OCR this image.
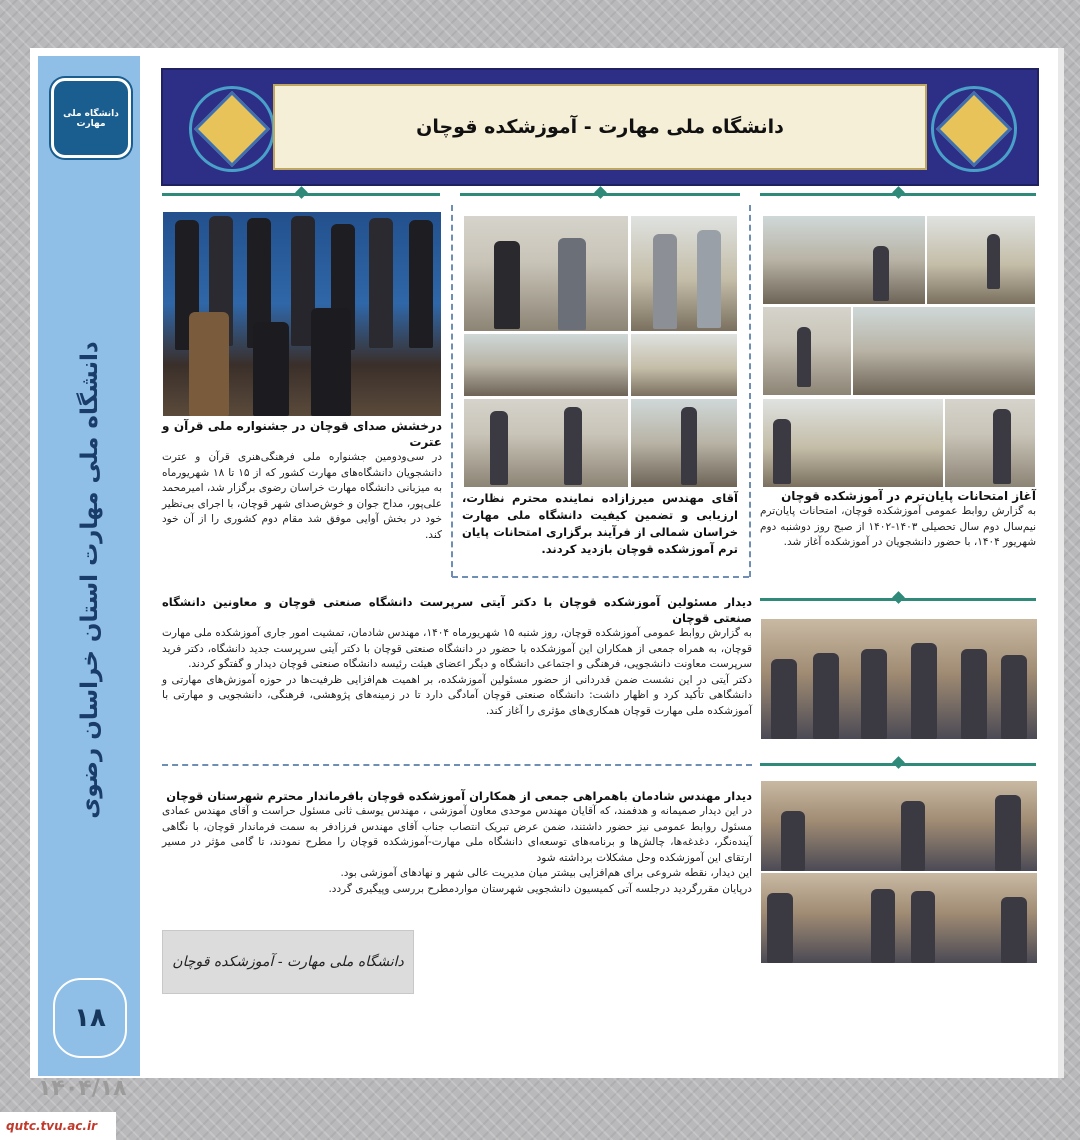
دانشگاه ملی مهارت
دانشگاه ملی مهارت استان خراسان رضوی
۱۸
دانشگاه ملی مهارت - آموزشکده قوچان

آغاز امتحانات پایان‌ترم در آموزشکده قوچان

به گزارش روابط عمومی آموزشکده قوچان، امتحانات پایان‌ترم نیم‌سال دوم سال تحصیلی ۱۴۰۳-۱۴۰۲ از صبح روز دوشنبه دوم شهریور ۱۴۰۴، با حضور دانشجویان در آموزشکده آغاز شد.

آقای مهندس میرزازاده نماینده محترم نظارت، ارزیابی و تضمین کیفیت دانشگاه ملی مهارت خراسان شمالی از فرآیند برگزاری امتحانات پایان ترم آموزشکده قوچان بازدید کردند.

درخشش صدای قوچان در جشنواره ملی قرآن و عترت

در سی‌ودومین جشنواره ملی فرهنگی‌هنری قرآن و عترت دانشجویان دانشگاه‌های مهارت کشور که از ۱۵ تا ۱۸ شهریورماه به میزبانی دانشگاه مهارت خراسان رضوی برگزار شد، امیرمحمد علی‌پور، مداح جوان و خوش‌صدای شهر قوچان، با اجرای بی‌نظیر خود در بخش آوایی موفق شد مقام دوم کشوری را از آن خود کند.

دیدار مسئولین آموزشکده قوچان با دکتر آیتی سرپرست دانشگاه صنعتی قوچان و معاونین دانشگاه صنعتی قوچان

به گزارش روابط عمومی آموزشکده قوچان، روز شنبه ۱۵ شهریورماه ۱۴۰۴، مهندس شادمان، تمشیت امور جاری آموزشکده ملی مهارت قوچان، به همراه جمعی از همکاران این آموزشکده با حضور در دانشگاه صنعتی قوچان با دکتر آیتی سرپرست جدید دانشگاه، دکتر فرید سرپرست معاونت دانشجویی، فرهنگی و اجتماعی دانشگاه و دیگر اعضای هیئت رئیسه دانشگاه صنعتی قوچان دیدار و گفتگو کردند.

دکتر آیتی در این نشست ضمن قدردانی از حضور مسئولین آموزشکده، بر اهمیت هم‌افزایی ظرفیت‌ها در حوزه آموزش‌های مهارتی و دانشگاهی تأکید کرد و اظهار داشت: دانشگاه صنعتی قوچان آمادگی دارد تا در زمینه‌های پژوهشی، فرهنگی، دانشجویی و مهارتی با آموزشکده ملی مهارت قوچان همکاری‌های مؤثری را آغاز کند.

دیدار مهندس شادمان باهمراهی جمعی از همکاران آموزشکده قوچان بافرماندار محترم شهرستان قوچان

در این دیدار صمیمانه و هدفمند، که آقایان مهندس موحدی معاون آموزشی ، مهندس یوسف ثانی مسئول حراست و آقای مهندس عمادی مسئول روابط عمومی نیز حضور داشتند، ضمن عرض تبریک انتصاب جناب آقای مهندس فرزادفر به سمت فرماندار قوچان، با نگاهی آینده‌نگر، دغدغه‌ها، چالش‌ها و برنامه‌های توسعه‌ای دانشگاه ملی مهارت-آموزشکده قوچان را مطرح نمودند، تا گامی مؤثر در مسیر ارتقای این آموزشکده وحل مشکلات برداشته شود

این دیدار، نقطه شروعی برای هم‌افزایی بیشتر میان مدیریت عالی شهر و نهادهای آموزشی بود.

درپایان مقررگردید درجلسه آتی کمیسیون دانشجویی شهرستان مواردمطرح بررسی وپیگیری گردد.

دانشگاه ملی مهارت - آموزشکده قوچان
۱۴۰۴/۱۸
qutc.tvu.ac.ir
